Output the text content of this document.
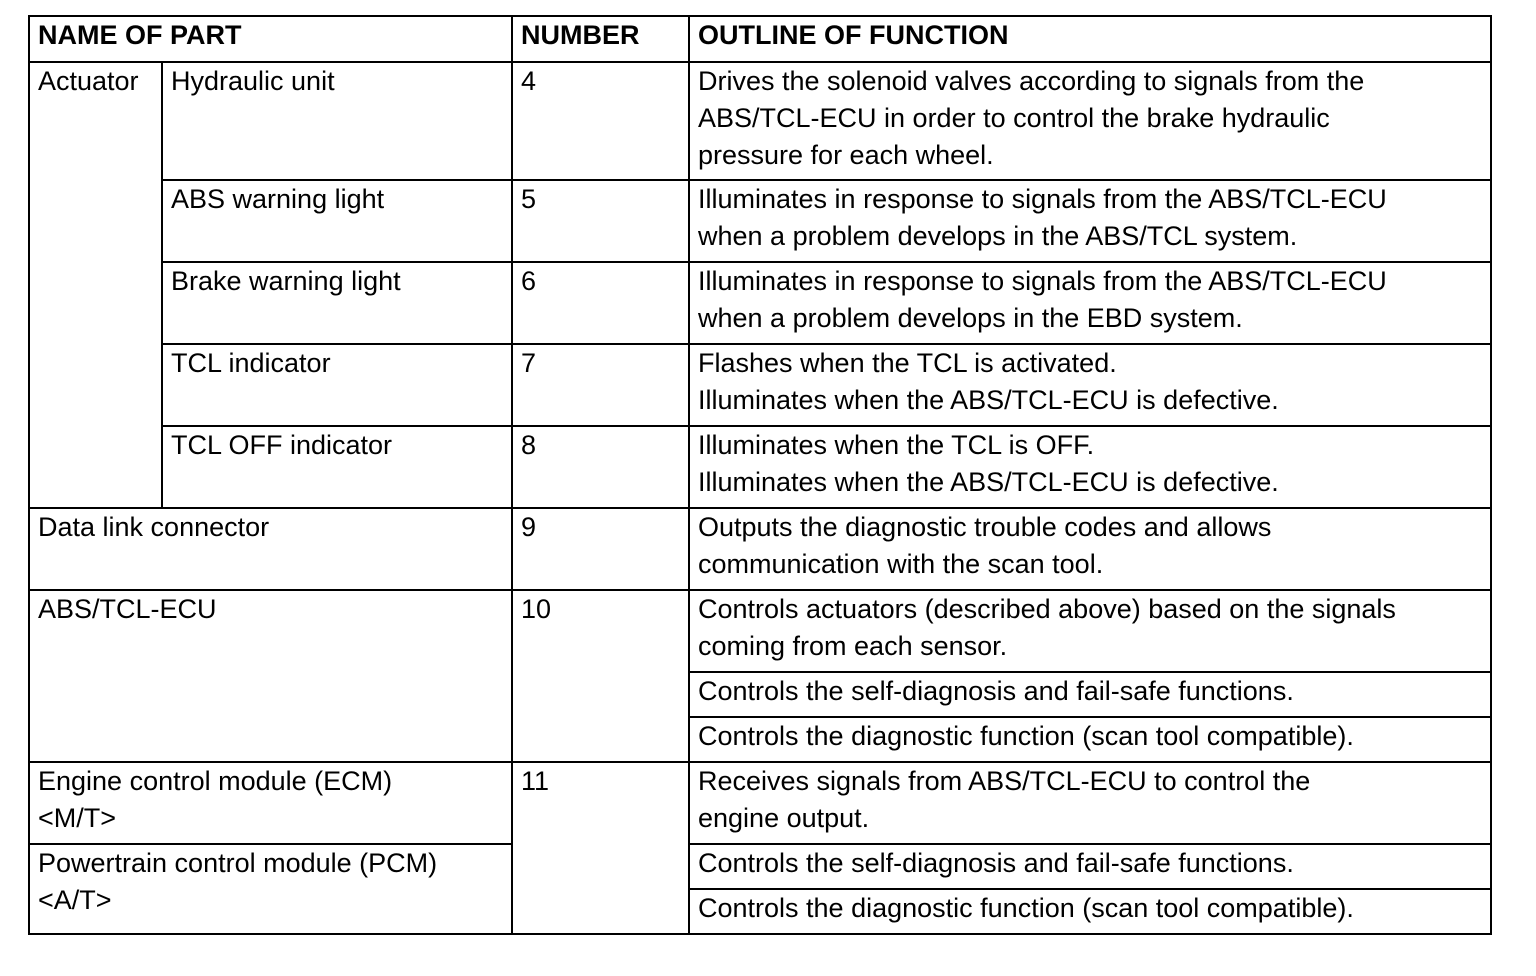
NAME OF PART		NUMBER	OUTLINE OF FUNCTION
Actuator	Hydraulic unit	4	Drives the solenoid valves according to signals from the
ABS/TCL-ECU in order to control the brake hydraulic
pressure for each wheel.

	ABS warning light	5	Illuminates in response to signals from the ABS/TCL-ECU
when a problem develops in the ABS/TCL system.

	Brake warning light	6	Illuminates in response to signals from the ABS/TCL-ECU
when a problem develops in the EBD system.

	TCL indicator	7	Flashes when the TCL is activated.
Illuminates when the ABS/TCL-ECU is defective.

	TCL OFF indicator	8	Illuminates when the TCL is OFF.
Illuminates when the ABS/TCL-ECU is defective.

Data link connector		9	Outputs the diagnostic trouble codes and allows
communication with the scan tool.

ABS/TCL-ECU		10	Controls actuators (described above) based on the signals
coming from each sensor.

			Controls the self-diagnosis and fail-safe functions.

			Controls the diagnostic function (scan tool compatible).

Engine control module (ECM)
<M/T>		11	Receives signals from ABS/TCL-ECU to control the
engine output.

Powertrain control module (PCM)
<A/T>			Controls the self-diagnosis and fail-safe functions.

			Controls the diagnostic function (scan tool compatible).
